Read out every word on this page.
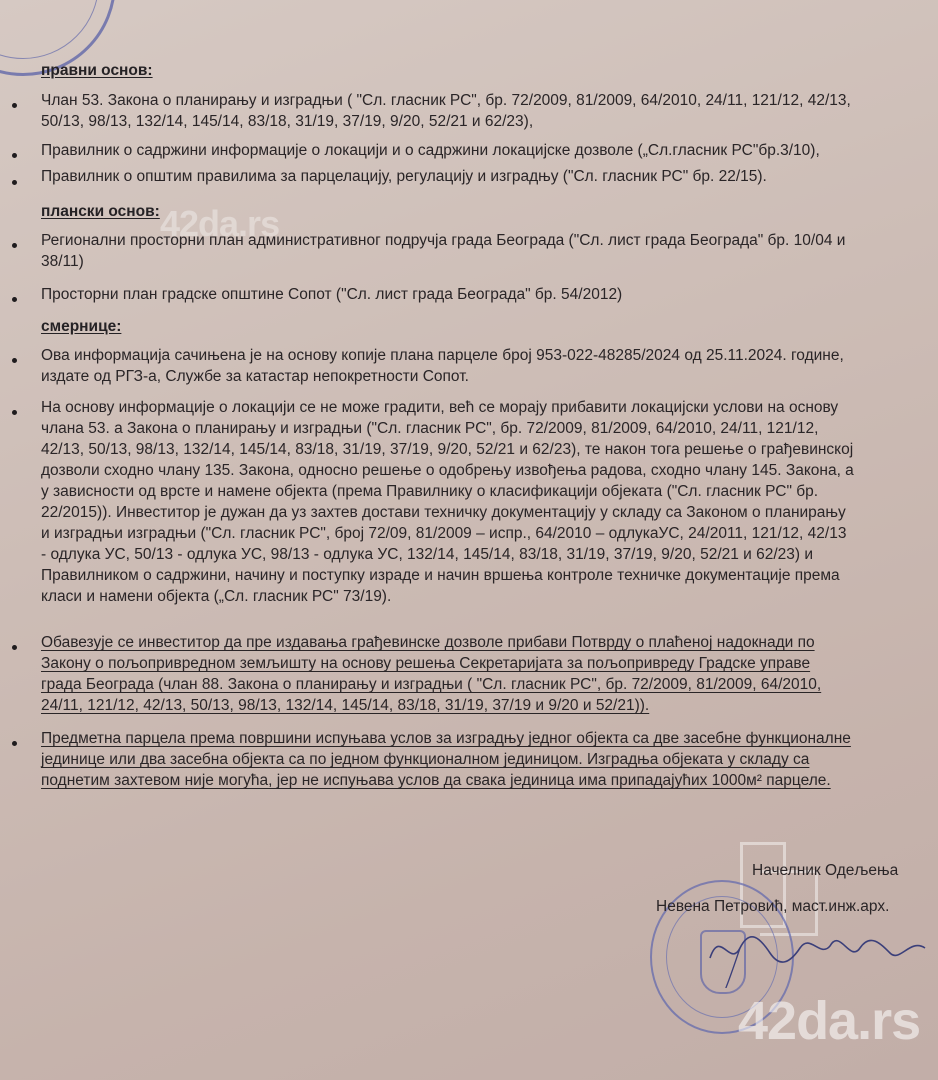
правни основ:
Члан 53. Закона о планирању и изградњи ( "Сл. гласник РС", бр. 72/2009, 81/2009, 64/2010, 24/11, 121/12, 42/13,
50/13, 98/13, 132/14, 145/14, 83/18, 31/19, 37/19, 9/20, 52/21 и 62/23),
Правилник о садржини информације о локацији и о садржини локацијске дозволе („Сл.гласник РС"бр.3/10),
Правилник о општим правилима за парцелацију, регулацију и изградњу ("Сл. гласник РС" бр. 22/15).
плански основ:
Регионални просторни план административног подручја града Београда ("Сл. лист града Београда" бр. 10/04 и
38/11)
Просторни план градске општине Сопот ("Сл. лист града Београда" бр. 54/2012)
смернице:
Ова информација сачињена је на основу копије плана парцеле број 953-022-48285/2024 од 25.11.2024. године,
издате од РГЗ-а, Службе за катастар непокретности Сопот.
На основу информације о локацији се не може градити, већ се морају прибавити локацијски услови на основу
члана 53. а Закона о планирању и изградњи ("Сл. гласник РС", бр. 72/2009, 81/2009, 64/2010, 24/11, 121/12,
42/13, 50/13, 98/13, 132/14, 145/14, 83/18, 31/19, 37/19, 9/20, 52/21 и 62/23), те након тога решење о грађевинској
дозволи сходно члану 135. Закона, односно решење о одобрењу извођења радова, сходно члану 145. Закона, а
у зависности од врсте и намене објекта (према Правилнику о класификацији објеката ("Сл. гласник РС" бр.
22/2015)). Инвеститор је дужан да уз захтев достави техничку документацију у складу са Законом о планирању
и изградњи изградњи ("Сл. гласник РС", број 72/09, 81/2009 – испр., 64/2010 – одлукаУС, 24/2011, 121/12, 42/13
- одлука УС, 50/13 - одлука УС, 98/13 - одлука УС, 132/14, 145/14, 83/18, 31/19, 37/19, 9/20, 52/21 и 62/23) и
Правилником о садржини, начину и поступку израде и начин вршења контроле техничке документације према
класи и намени објекта („Сл. гласник РС" 73/19).
Обавезује се инвеститор да пре издавања грађевинске дозволе прибави Потврду о плаћеној надокнади по
Закону о пољопривредном земљишту на основу решења Секретаријата за пољопривреду Градске управе
града Београда (члан 88. Закона о планирању и изградњи ( "Сл. гласник РС", бр. 72/2009, 81/2009, 64/2010,
24/11, 121/12, 42/13, 50/13, 98/13, 132/14, 145/14, 83/18, 31/19, 37/19 и 9/20 и 52/21)).
Предметна парцела према површини испуњава услов за изградњу једног објекта са две засебне функционалне
јединице или два засебна објекта са по једном функционалном јединицом. Изградња објеката у складу са
поднетим захтевом није могућа, јер не испуњава услов да свака јединица има припадајућих 1000м² парцеле.
Начелник Одељења
Невена Петровић, маст.инж.арх.
42da.rs
42da.rs
